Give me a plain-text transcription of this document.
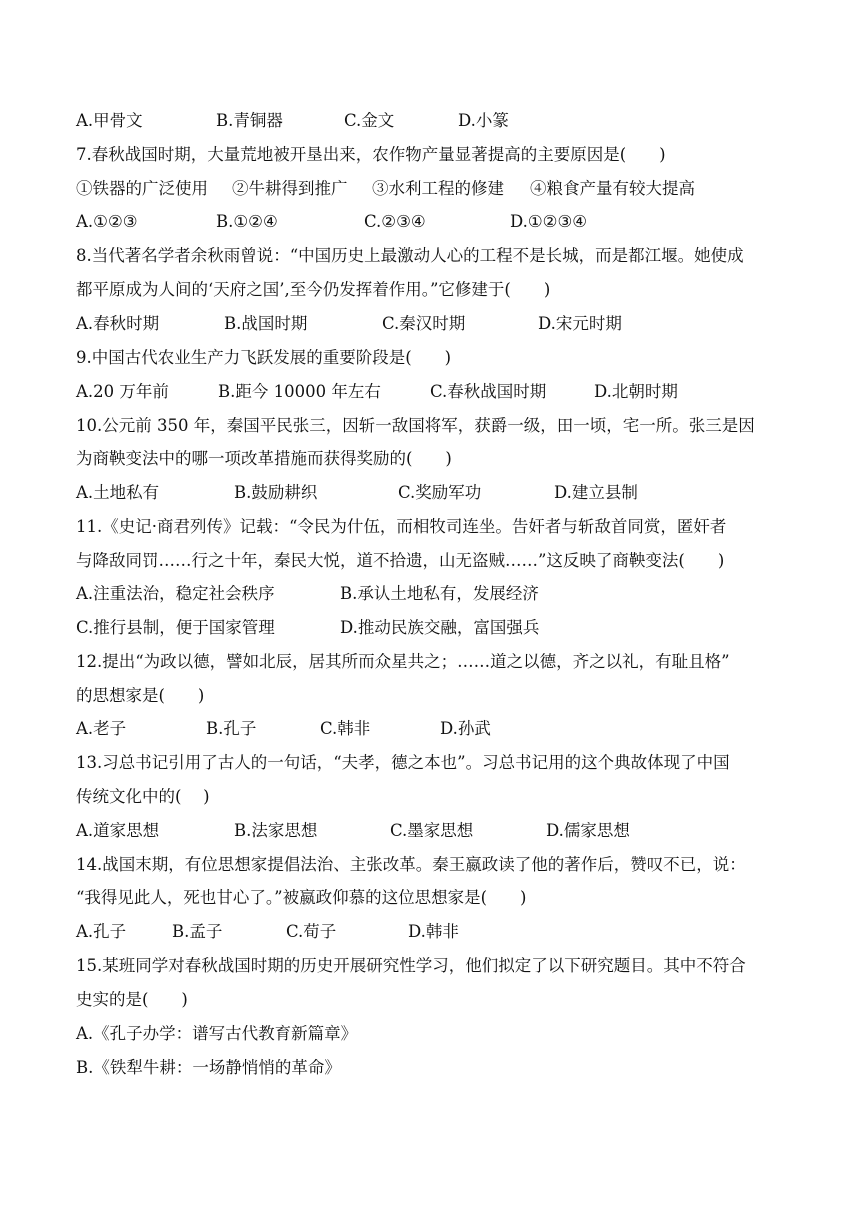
A.甲骨文	B.青铜器	C.金文	D.小篆
7.春秋战国时期，大量荒地被开垦出来，农作物产量显著提高的主要原因是(　　)
①铁器的广泛使用 ②牛耕得到推广 ③水利工程的修建 ④粮食产量有较大提高
A.①②③	B.①②④	C.②③④	D.①②③④
8.当代著名学者余秋雨曾说：“中国历史上最激动人心的工程不是长城，而是都江堰。她使成
都平原成为人间的‘天府之国’,至今仍发挥着作用。”它修建于(　　)
A.春秋时期	B.战国时期	C.秦汉时期	D.宋元时期
9.中国古代农业生产力飞跃发展的重要阶段是(　　)
A.20 万年前	B.距今 10000 年左右	C.春秋战国时期	D.北朝时期
10.公元前 350 年，秦国平民张三，因斩一敌国将军，获爵一级，田一顷，宅一所。张三是因
为商鞅变法中的哪一项改革措施而获得奖励的(　　)
A.土地私有	B.鼓励耕织	C.奖励军功	D.建立县制
11.《史记·商君列传》记载：“令民为什伍，而相牧司连坐。告奸者与斩敌首同赏，匿奸者
与降敌同罚……行之十年，秦民大悦，道不拾遗，山无盗贼……”这反映了商鞅变法(　　)
A.注重法治，稳定社会秩序	B.承认土地私有，发展经济
C.推行县制，便于国家管理	D.推动民族交融，富国强兵
12.提出“为政以德，譬如北辰，居其所而众星共之；……道之以德，齐之以礼，有耻且格”
的思想家是(　　)
A.老子	B.孔子	C.韩非	D.孙武
13.习总书记引用了古人的一句话，“夫孝，德之本也”。习总书记用的这个典故体现了中国
传统文化中的(　 )
A.道家思想	B.法家思想	C.墨家思想	D.儒家思想
14.战国末期，有位思想家提倡法治、主张改革。秦王嬴政读了他的著作后，赞叹不已，说：
“我得见此人，死也甘心了。”被嬴政仰慕的这位思想家是(　　)
A.孔子	B.孟子	C.荀子	D.韩非
15.某班同学对春秋战国时期的历史开展研究性学习，他们拟定了以下研究题目。其中不符合
史实的是(　　)
A.《孔子办学：谱写古代教育新篇章》
B.《铁犁牛耕：一场静悄悄的革命》
